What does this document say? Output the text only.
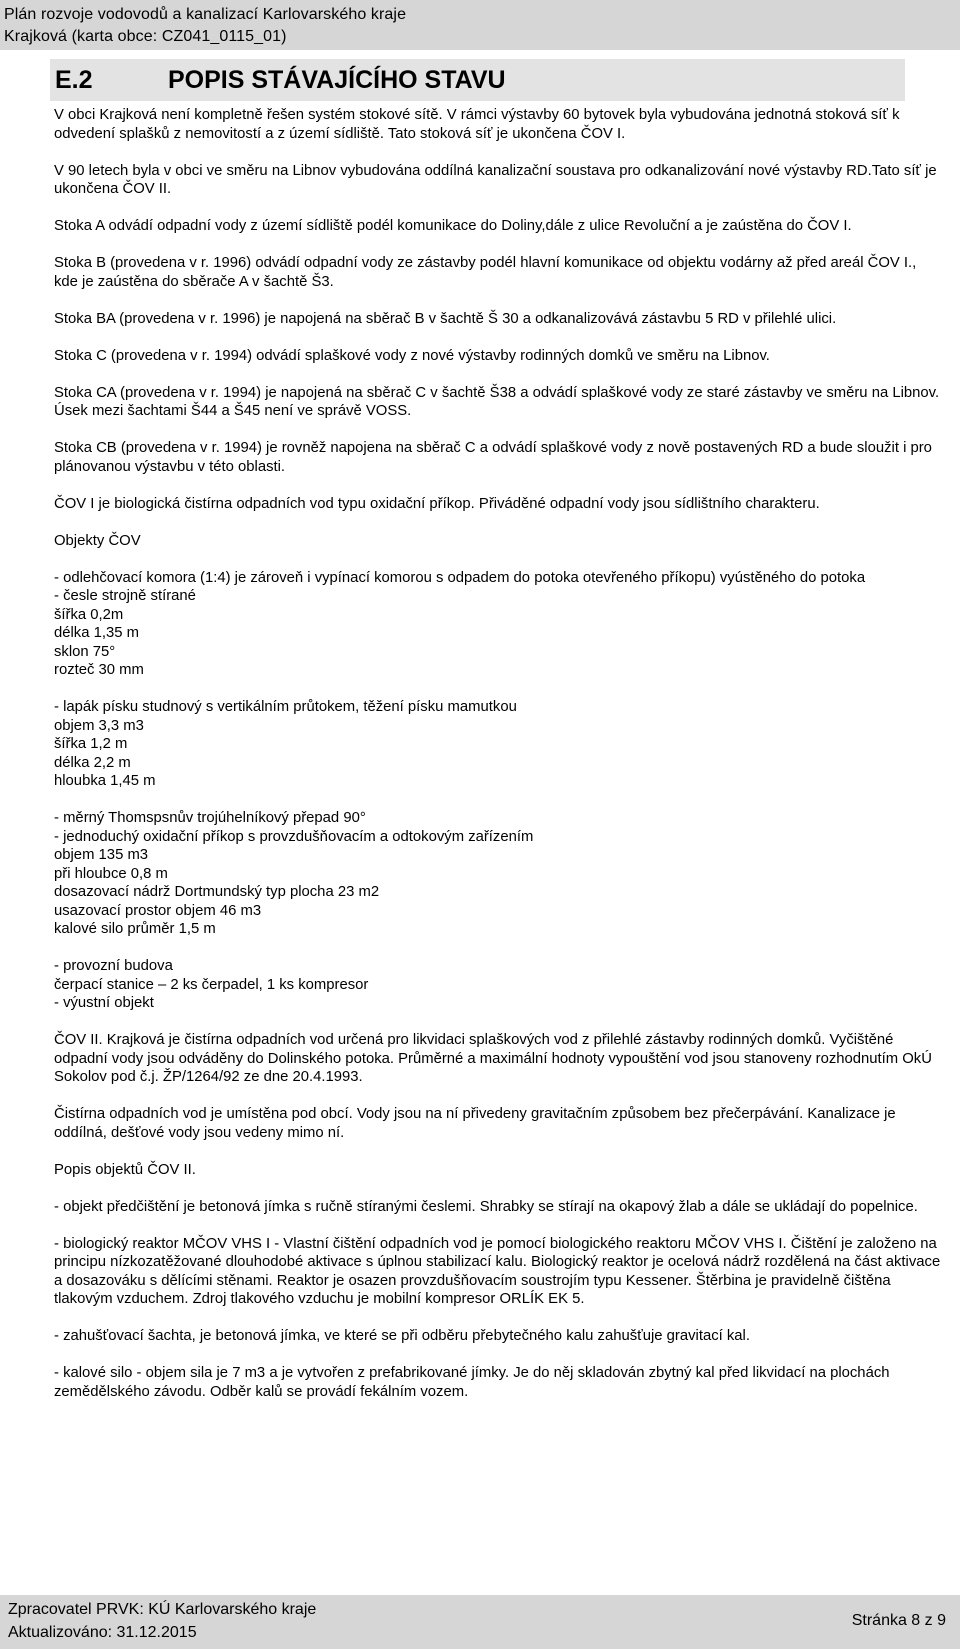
Plán rozvoje vodovodů a kanalizací Karlovarského kraje
Krajková (karta obce: CZ041_0115_01)
E.2	POPIS STÁVAJÍCÍHO STAVU

V obci Krajková není kompletně řešen systém stokové sítě. V rámci výstavby 60 bytovek byla vybudována jednotná stoková síť k odvedení splašků z nemovitostí a z území sídliště. Tato stoková síť je ukončena ČOV I.

V 90 letech byla v obci ve směru na Libnov vybudována oddílná kanalizační soustava pro odkanalizování nové výstavby RD.Tato síť je ukončena ČOV II.

Stoka A odvádí odpadní vody z území sídliště podél komunikace do Doliny,dále z ulice Revoluční a je zaústěna do ČOV I.

Stoka B (provedena v r. 1996) odvádí odpadní vody ze zástavby podél hlavní komunikace od objektu vodárny až před areál ČOV I., kde je zaústěna do sběrače A v šachtě Š3.

Stoka BA (provedena v r. 1996) je napojená na sběrač B v šachtě Š 30 a odkanalizovává zástavbu 5 RD v přilehlé ulici.

Stoka C (provedena v r. 1994) odvádí splaškové vody z nové výstavby rodinných domků ve směru na Libnov.

Stoka CA (provedena v r. 1994) je napojená na sběrač C v šachtě Š38 a odvádí splaškové vody ze staré zástavby ve směru na Libnov. Úsek mezi šachtami Š44 a Š45 není ve správě VOSS.

Stoka CB (provedena v r. 1994) je rovněž napojena na sběrač C a odvádí splaškové vody z nově postavených RD a bude sloužit i pro plánovanou výstavbu v této oblasti.

ČOV I je biologická čistírna odpadních vod typu oxidační příkop. Přiváděné odpadní vody jsou sídlištního charakteru.

Objekty ČOV

- odlehčovací komora (1:4) je zároveň i vypínací komorou s odpadem do potoka otevřeného příkopu) vyústěného do potoka
- česle strojně stírané
šířka 0,2m
délka 1,35 m
sklon 75°
rozteč 30 mm

- lapák písku studnový s vertikálním průtokem, těžení písku mamutkou
objem 3,3 m3
šířka 1,2 m
délka 2,2 m
hloubka 1,45 m

- měrný Thomspsnův trojúhelníkový přepad 90°
- jednoduchý oxidační příkop s provzdušňovacím a odtokovým zařízením
objem 135 m3
při hloubce 0,8 m
dosazovací nádrž Dortmundský typ plocha 23 m2
usazovací prostor objem 46 m3
kalové silo průměr 1,5 m

- provozní budova
čerpací stanice – 2 ks čerpadel, 1 ks kompresor
- výustní objekt

ČOV II. Krajková je čistírna odpadních vod určená pro likvidaci splaškových vod z přilehlé zástavby rodinných domků. Vyčištěné odpadní vody jsou odváděny do Dolinského potoka. Průměrné a maximální hodnoty vypouštění vod jsou stanoveny rozhodnutím OkÚ Sokolov pod č.j. ŽP/1264/92 ze dne 20.4.1993.

Čistírna odpadních vod je umístěna pod obcí. Vody jsou na ní přivedeny gravitačním způsobem bez přečerpávání. Kanalizace je oddílná, dešťové vody jsou vedeny mimo ní.

Popis objektů ČOV II.

- objekt předčištění je betonová jímka s ručně stíranými česlemi. Shrabky se stírají na okapový žlab a dále se ukládají do popelnice.

- biologický reaktor MČOV VHS I - Vlastní čištění odpadních vod je pomocí biologického reaktoru MČOV VHS I. Čištění je založeno na principu nízkozatěžované dlouhodobé aktivace s úplnou stabilizací kalu. Biologický reaktor je ocelová nádrž rozdělená na část aktivace a dosazováku s dělícími stěnami. Reaktor je osazen provzdušňovacím soustrojím typu Kessener. Štěrbina je pravidelně čištěna tlakovým vzduchem. Zdroj tlakového vzduchu je mobilní kompresor ORLÍK EK 5.

- zahušťovací šachta, je betonová jímka, ve které se při odběru přebytečného kalu zahušťuje gravitací kal.

- kalové silo - objem sila je 7 m3 a je vytvořen z prefabrikované jímky. Je do něj skladován zbytný kal před likvidací na plochách zemědělského závodu. Odběr kalů se provádí fekálním vozem.

Zpracovatel PRVK: KÚ Karlovarského kraje
Aktualizováno: 31.12.2015
Stránka 8 z 9
